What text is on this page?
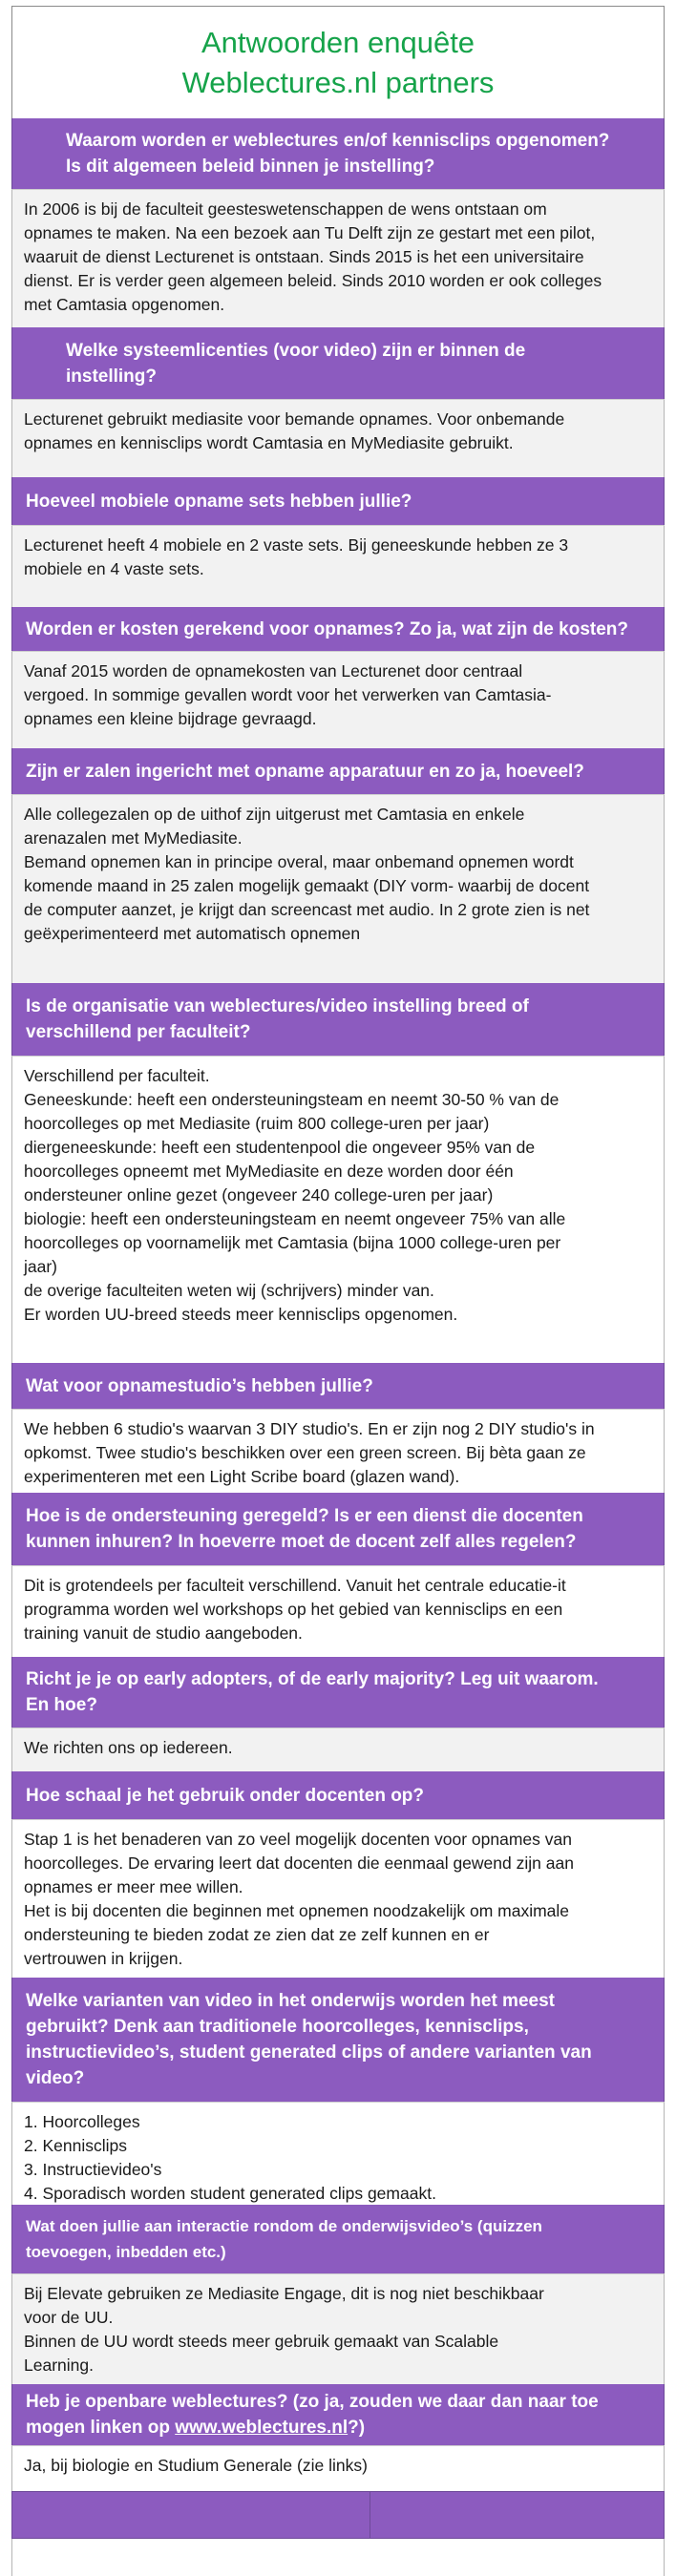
Antwoorden enquête
Weblectures.nl partners
Waarom worden er weblectures en/of kennisclips opgenomen?
Is dit algemeen beleid binnen je instelling?
In 2006 is bij de faculteit geesteswetenschappen de wens ontstaan om
opnames te maken. Na een bezoek aan Tu Delft zijn ze gestart met een pilot,
waaruit de dienst Lecturenet is ontstaan. Sinds 2015 is het een universitaire
dienst. Er is verder geen algemeen beleid. Sinds 2010 worden er ook colleges
met Camtasia opgenomen.
Welke systeemlicenties (voor video) zijn er binnen de
instelling?
Lecturenet gebruikt mediasite voor bemande opnames. Voor onbemande
opnames en kennisclips wordt Camtasia en MyMediasite gebruikt.
Hoeveel mobiele opname sets hebben jullie?
Lecturenet heeft 4 mobiele en 2 vaste sets. Bij geneeskunde hebben ze 3
mobiele en 4 vaste sets.
Worden er kosten gerekend voor opnames? Zo ja, wat zijn de kosten?
Vanaf 2015 worden de opnamekosten van Lecturenet door centraal
vergoed. In sommige gevallen wordt voor het verwerken van Camtasia-
opnames een kleine bijdrage gevraagd.
Zijn er zalen ingericht met opname apparatuur en zo ja, hoeveel?
Alle collegezalen op de uithof zijn uitgerust met Camtasia en enkele
arenazalen met MyMediasite.
Bemand opnemen kan in principe overal, maar onbemand opnemen wordt
komende maand in 25 zalen mogelijk gemaakt (DIY vorm- waarbij de docent
de computer aanzet, je krijgt dan screencast met audio. In 2 grote zien is net
geëxperimenteerd met automatisch opnemen
Is de organisatie van weblectures/video instelling breed of
verschillend per faculteit?
Verschillend per faculteit.
Geneeskunde: heeft een ondersteuningsteam en neemt 30-50 % van de
hoorcolleges op met Mediasite (ruim 800 college-uren per jaar)
diergeneeskunde: heeft een studentenpool die ongeveer 95% van de
hoorcolleges opneemt met MyMediasite en deze worden door één
ondersteuner online gezet (ongeveer 240 college-uren per jaar)
biologie: heeft een ondersteuningsteam en neemt ongeveer 75% van alle
hoorcolleges op voornamelijk met Camtasia (bijna 1000 college-uren per
jaar)
de overige faculteiten weten wij (schrijvers) minder van.
Er worden UU-breed steeds meer kennisclips opgenomen.
Wat voor opnamestudio’s hebben jullie?
We hebben 6 studio's waarvan 3 DIY studio's. En er zijn nog 2 DIY studio's in
opkomst. Twee studio's beschikken over een green screen. Bij bèta gaan ze
experimenteren met een Light Scribe board (glazen wand).
Hoe is de ondersteuning geregeld? Is er een dienst die docenten
kunnen inhuren? In hoeverre moet de docent zelf alles regelen?
Dit is grotendeels per faculteit verschillend. Vanuit het centrale educatie-it
programma worden wel workshops op het gebied van kennisclips en een
training vanuit de studio aangeboden.
Richt je je op early adopters, of de early majority? Leg uit waarom.
En hoe?
We richten ons op iedereen.
Hoe schaal je het gebruik onder docenten op?
Stap 1 is het benaderen van zo veel mogelijk docenten voor opnames van
hoorcolleges. De ervaring leert dat docenten die eenmaal gewend zijn aan
opnames er meer mee willen.
Het is bij docenten die beginnen met opnemen noodzakelijk om maximale
ondersteuning te bieden zodat ze zien dat ze zelf kunnen en er
vertrouwen in krijgen.
Welke varianten van video in het onderwijs worden het meest
gebruikt? Denk aan traditionele hoorcolleges, kennisclips,
instructievideo’s, student generated clips of andere varianten van
video?
1. Hoorcolleges
2. Kennisclips
3. Instructievideo's
4. Sporadisch worden student generated clips gemaakt.
Wat doen jullie aan interactie rondom de onderwijsvideo’s (quizzen
toevoegen, inbedden etc.)
Bij Elevate gebruiken ze Mediasite Engage, dit is nog niet beschikbaar
voor de UU.
Binnen de UU wordt steeds meer gebruik gemaakt van Scalable
Learning.
Heb je openbare weblectures? (zo ja, zouden we daar dan naar toe
mogen linken op www.weblectures.nl?)
Ja, bij biologie en Studium Generale (zie links)
